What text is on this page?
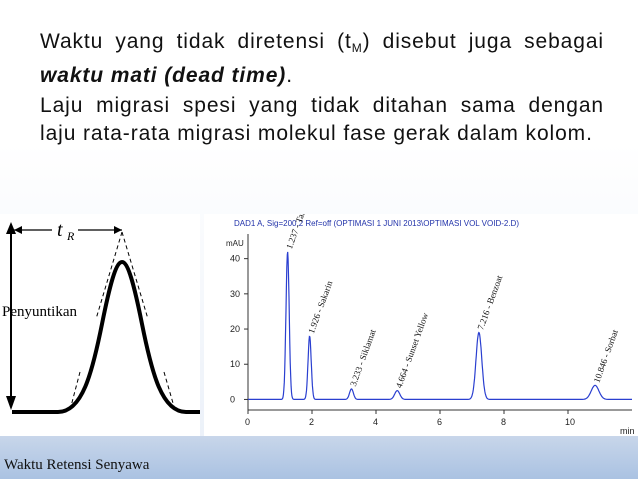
Waktu yang tidak diretensi $(t_M)$ disebut juga sebagai waktu mati (dead time).

Laju migrasi spesi yang tidak ditahan sama dengan laju rata-rata migrasi molekul fase gerak dalam kolom.

t R
Penyuntikan
DAD1 A, Sig=200,2 Ref=off (OPTIMASI 1 JUNI 2013\OPTIMASI VOL VOID-2.D)
mAU
min
0	2	4	6	8	10
0
10
20
30
40
1.237 - Tartrazin
1.926 - Sakarin
3.233 - Siklamat 4.664 - Sunset Yellow
7.216 - Benzoat
10.846 - Sorbat
Waktu Retensi Senyawa
